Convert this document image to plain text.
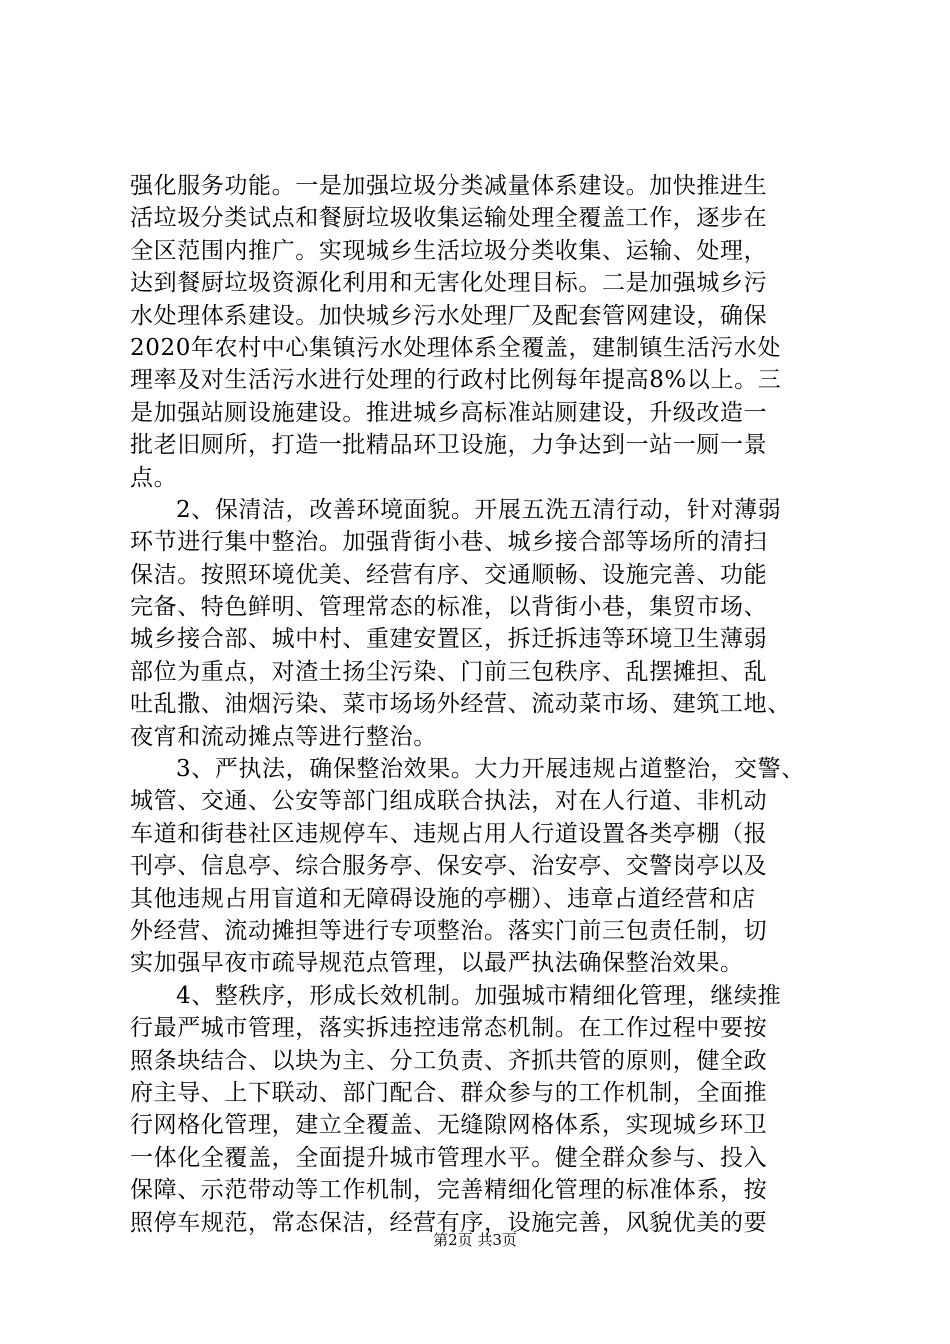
强化服务功能。一是加强垃圾分类减量体系建设。加快推进生
活垃圾分类试点和餐厨垃圾收集运输处理全覆盖工作，逐步在
全区范围内推广。实现城乡生活垃圾分类收集、运输、处理，
达到餐厨垃圾资源化利用和无害化处理目标。二是加强城乡污
水处理体系建设。加快城乡污水处理厂及配套管网建设，确保
2020年农村中心集镇污水处理体系全覆盖，建制镇生活污水处
理率及对生活污水进行处理的行政村比例每年提高8%以上。三
是加强站厕设施建设。推进城乡高标准站厕建设，升级改造一
批老旧厕所，打造一批精品环卫设施，力争达到一站一厕一景
点。
2、保清洁，改善环境面貌。开展五洗五清行动，针对薄弱
环节进行集中整治。加强背街小巷、城乡接合部等场所的清扫
保洁。按照环境优美、经营有序、交通顺畅、设施完善、功能
完备、特色鲜明、管理常态的标准，以背街小巷，集贸市场、
城乡接合部、城中村、重建安置区，拆迁拆违等环境卫生薄弱
部位为重点，对渣土扬尘污染、门前三包秩序、乱摆摊担、乱
吐乱撒、油烟污染、菜市场场外经营、流动菜市场、建筑工地、
夜宵和流动摊点等进行整治。
3、严执法，确保整治效果。大力开展违规占道整治，交警、
城管、交通、公安等部门组成联合执法，对在人行道、非机动
车道和街巷社区违规停车、违规占用人行道设置各类亭棚（报
刊亭、信息亭、综合服务亭、保安亭、治安亭、交警岗亭以及
其他违规占用盲道和无障碍设施的亭棚）、违章占道经营和店
外经营、流动摊担等进行专项整治。落实门前三包责任制，切
实加强早夜市疏导规范点管理，以最严执法确保整治效果。
4、整秩序，形成长效机制。加强城市精细化管理，继续推
行最严城市管理，落实拆违控违常态机制。在工作过程中要按
照条块结合、以块为主、分工负责、齐抓共管的原则，健全政
府主导、上下联动、部门配合、群众参与的工作机制，全面推
行网格化管理，建立全覆盖、无缝隙网格体系，实现城乡环卫
一体化全覆盖，全面提升城市管理水平。健全群众参与、投入
保障、示范带动等工作机制，完善精细化管理的标准体系，按
照停车规范，常态保洁，经营有序，设施完善，风貌优美的要
第2页 共3页
